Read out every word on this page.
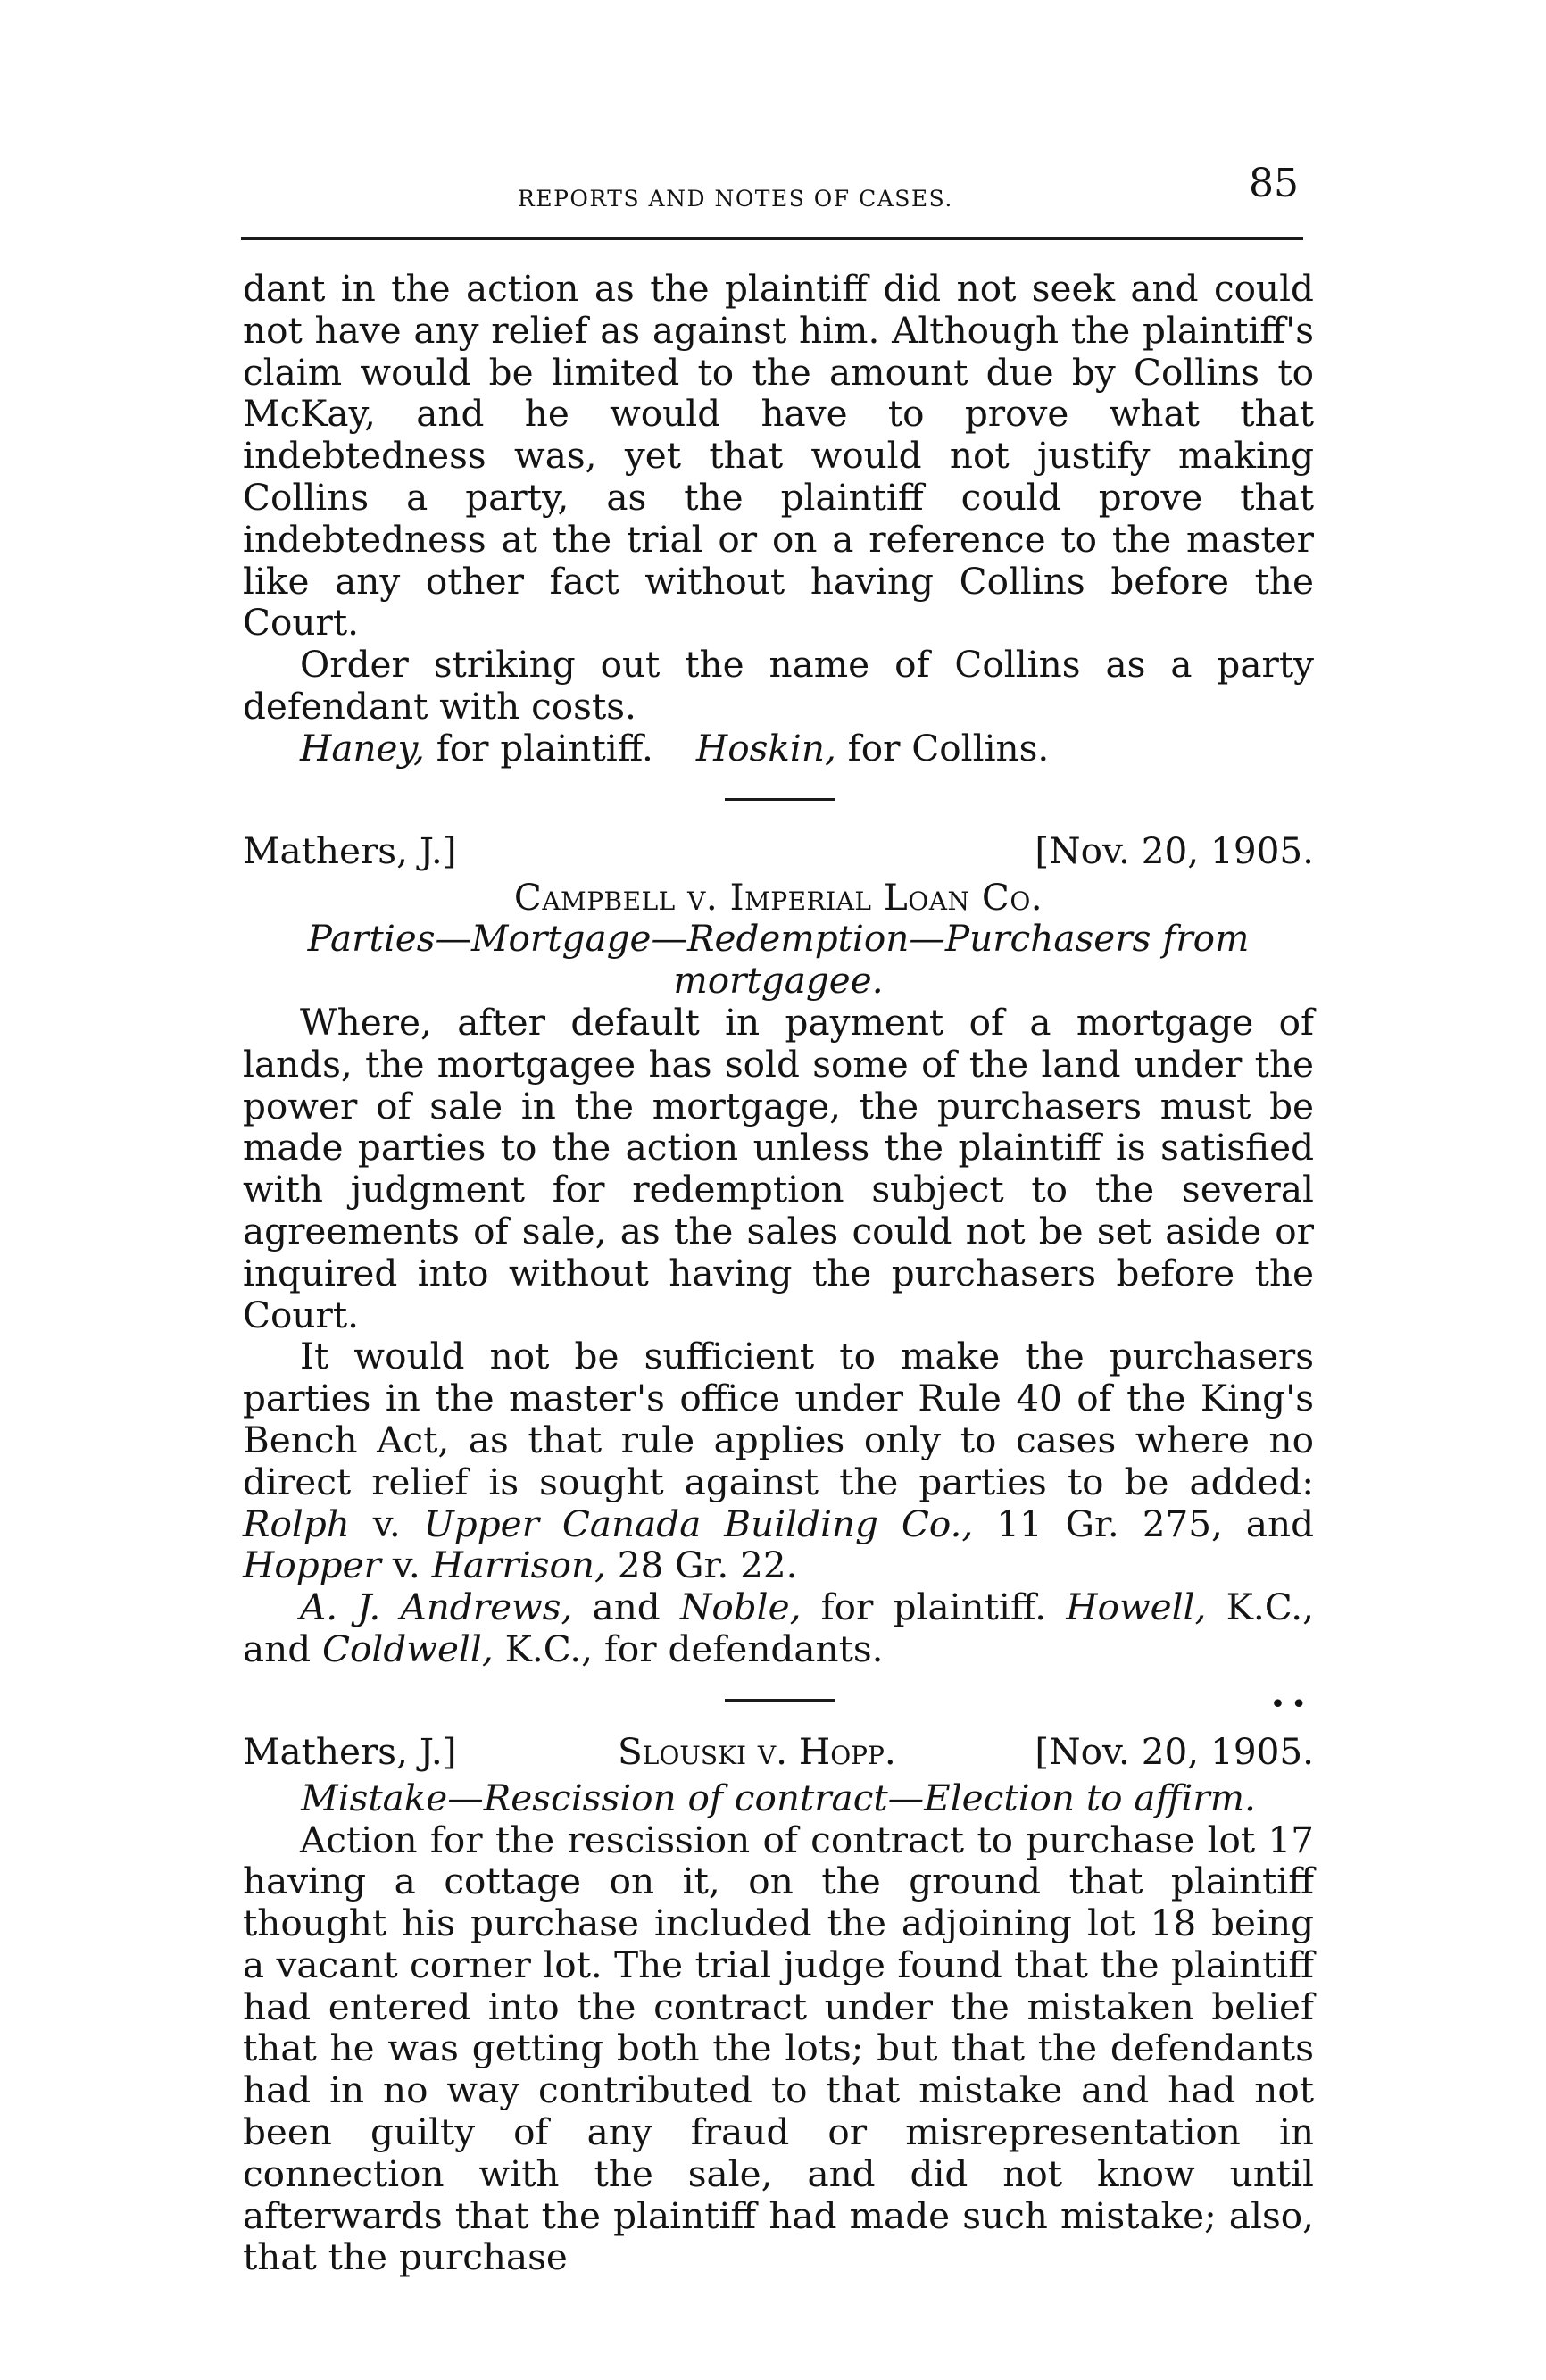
REPORTS AND NOTES OF CASES.	85

dant in the action as the plaintiff did not seek and could not have any relief as against him. Although the plaintiff's claim would be limited to the amount due by Collins to McKay, and he would have to prove what that indebtedness was, yet that would not justify making Collins a party, as the plaintiff could prove that indebtedness at the trial or on a reference to the master like any other fact without having Collins before the Court.

Order striking out the name of Collins as a party defendant with costs.

Haney, for plaintiff. Hoskin, for Collins.

Mathers, J.]	[Nov. 20, 1905.

Campbell v. Imperial Loan Co.

Parties—Mortgage—Redemption—Purchasers from mortgagee.

Where, after default in payment of a mortgage of lands, the mortgagee has sold some of the land under the power of sale in the mortgage, the purchasers must be made parties to the action unless the plaintiff is satisfied with judgment for redemption subject to the several agreements of sale, as the sales could not be set aside or inquired into without having the purchasers before the Court.

It would not be sufficient to make the purchasers parties in the master's office under Rule 40 of the King's Bench Act, as that rule applies only to cases where no direct relief is sought against the parties to be added: Rolph v. Upper Canada Building Co., 11 Gr. 275, and Hopper v. Harrison, 28 Gr. 22.

A. J. Andrews, and Noble, for plaintiff. Howell, K.C., and Coldwell, K.C., for defendants.

••
Mathers, J.]	Slouski v. Hopp.	[Nov. 20, 1905.

Mistake—Rescission of contract—Election to affirm.

Action for the rescission of contract to purchase lot 17 having a cottage on it, on the ground that plaintiff thought his purchase included the adjoining lot 18 being a vacant corner lot. The trial judge found that the plaintiff had entered into the contract under the mistaken belief that he was getting both the lots; but that the defendants had in no way contributed to that mistake and had not been guilty of any fraud or misrepresentation in connection with the sale, and did not know until afterwards that the plaintiff had made such mistake; also, that the purchase
